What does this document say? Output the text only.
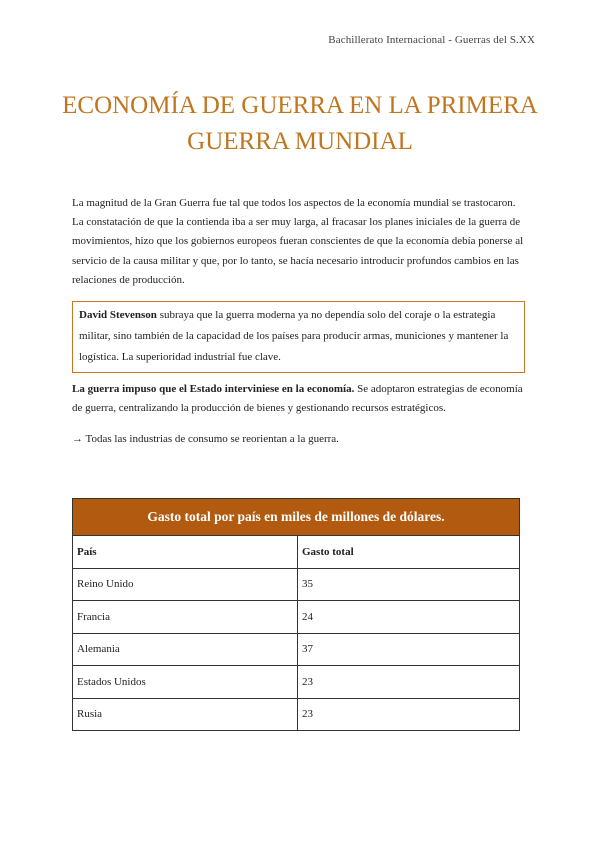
Bachillerato Internacional - Guerras del S.XX
ECONOMÍA DE GUERRA EN LA PRIMERA GUERRA MUNDIAL
La magnitud de la Gran Guerra fue tal que todos los aspectos de la economía mundial se trastocaron. La constatación de que la contienda iba a ser muy larga, al fracasar los planes iniciales de la guerra de movimientos, hizo que los gobiernos europeos fueran conscientes de que la economía debía ponerse al servicio de la causa militar y que, por lo tanto, se hacía necesario introducir profundos cambios en las relaciones de producción.
David Stevenson subraya que la guerra moderna ya no dependía solo del coraje o la estrategia militar, sino también de la capacidad de los países para producir armas, municiones y mantener la logística. La superioridad industrial fue clave.
La guerra impuso que el Estado interviniese en la economía. Se adoptaron estrategias de economía de guerra, centralizando la producción de bienes y gestionando recursos estratégicos.
→ Todas las industrias de consumo se reorientan a la guerra.
Gasto total por país en miles de millones de dólares.	
País	Gasto total
Reino Unido	35
Francia	24
Alemania	37
Estados Unidos	23
Rusia	23
